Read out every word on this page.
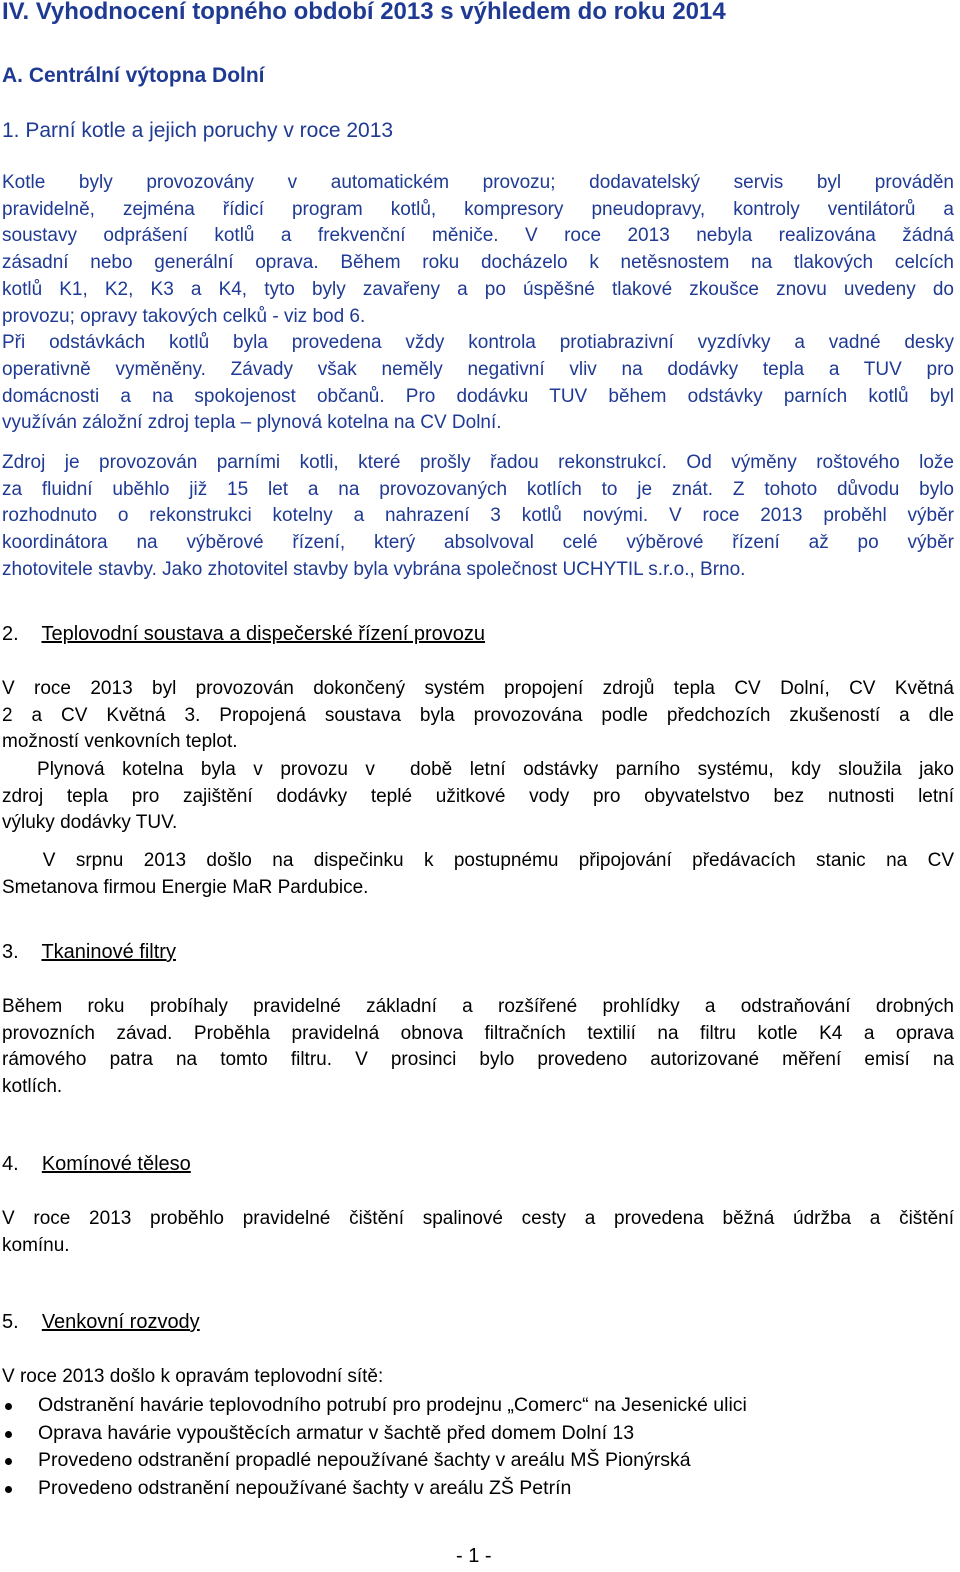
IV. Vyhodnocení topného období 2013 s výhledem do roku 2014
A. Centrální výtopna Dolní
1. Parní kotle a jejich poruchy v roce 2013
Kotle byly provozovány v automatickém provozu; dodavatelský servis byl prováděn
pravidelně, zejména řídicí program kotlů, kompresory pneudopravy, kontroly ventilátorů a
soustavy odprášení kotlů a frekvenční měniče. V roce 2013 nebyla realizována žádná
zásadní nebo generální oprava. Během roku docházelo k netěsnostem na tlakových celcích
kotlů K1, K2, K3 a K4, tyto byly zavařeny a po úspěšné tlakové zkoušce znovu uvedeny do
provozu; opravy takových celků - viz bod 6.
Při odstávkách kotlů byla provedena vždy kontrola protiabrazivní vyzdívky a vadné desky
operativně vyměněny. Závady však neměly negativní vliv na dodávky tepla a TUV pro
domácnosti a na spokojenost občanů. Pro dodávku TUV během odstávky parních kotlů byl
využíván záložní zdroj tepla – plynová kotelna na CV Dolní.
Zdroj je provozován parními kotli, které prošly řadou rekonstrukcí. Od výměny roštového lože
za fluidní uběhlo již 15 let a na provozovaných kotlích to je znát. Z tohoto důvodu bylo
rozhodnuto o rekonstrukci kotelny a nahrazení 3 kotlů novými. V roce 2013 proběhl výběr
koordinátora na výběrové řízení, který absolvoval celé výběrové řízení až po výběr
zhotovitele stavby. Jako zhotovitel stavby byla vybrána společnost UCHYTIL s.r.o., Brno.
2. Teplovodní soustava a dispečerské řízení provozu
V roce 2013 byl provozován dokončený systém propojení zdrojů tepla CV Dolní, CV Květná
2 a CV Květná 3. Propojená soustava byla provozována podle předchozích zkušeností a dle
možností venkovních teplot.
Plynová kotelna byla v provozu v  době letní odstávky parního systému, kdy sloužila jako
zdroj tepla pro zajištění dodávky teplé užitkové vody pro obyvatelstvo bez nutnosti letní
výluky dodávky TUV.
V srpnu 2013 došlo na dispečinku k postupnému připojování předávacích stanic na CV
Smetanova firmou Energie MaR Pardubice.
3. Tkaninové filtry
Během roku probíhaly pravidelné základní a rozšířené prohlídky a odstraňování drobných
provozních závad. Proběhla pravidelná obnova filtračních textilií na filtru kotle K4 a oprava
rámového patra na tomto filtru. V prosinci bylo provedeno autorizované měření emisí na
kotlích.
4. Komínové těleso
V roce 2013 proběhlo pravidelné čištění spalinové cesty a provedena běžná údržba a čištění
komínu.
5. Venkovní rozvody
V roce 2013 došlo k opravám teplovodní sítě:
Odstranění havárie teplovodního potrubí pro prodejnu „Comerc“ na Jesenické ulici
Oprava havárie vypouštěcích armatur v šachtě před domem Dolní 13
Provedeno odstranění propadlé nepoužívané šachty v areálu MŠ Pionýrská
Provedeno odstranění nepoužívané šachty v areálu ZŠ Petrín
- 1 -
